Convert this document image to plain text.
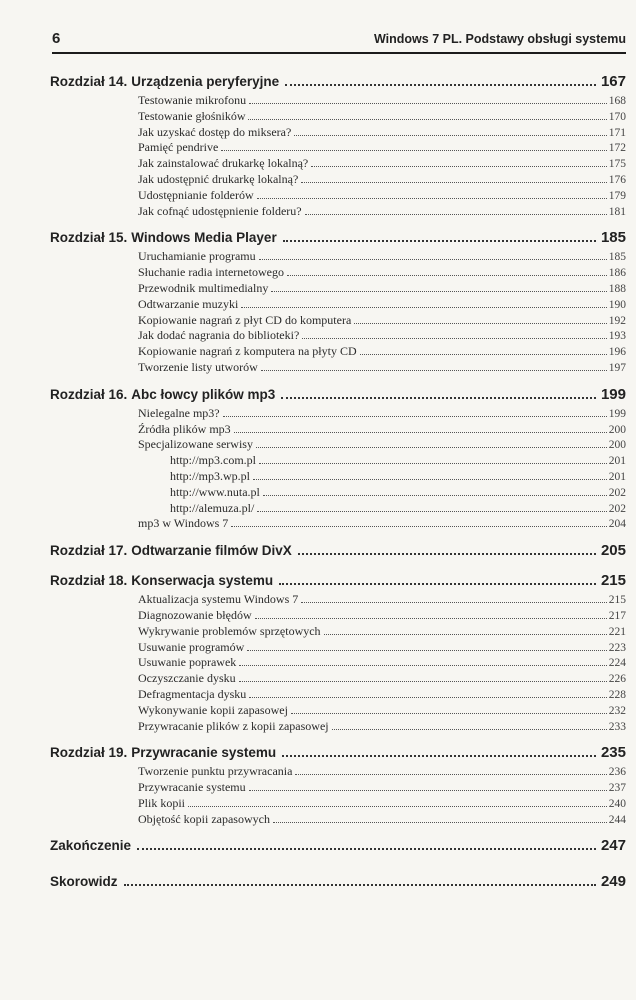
6	Windows 7 PL. Podstawy obsługi systemu
Rozdział 14. Urządzenia peryferyjne	167
Testowanie mikrofonu	168
Testowanie głośników	170
Jak uzyskać dostęp do miksera?	171
Pamięć pendrive	172
Jak zainstalować drukarkę lokalną?	175
Jak udostępnić drukarkę lokalną?	176
Udostępnianie folderów	179
Jak cofnąć udostępnienie folderu?	181
Rozdział 15. Windows Media Player	185
Uruchamianie programu	185
Słuchanie radia internetowego	186
Przewodnik multimedialny	188
Odtwarzanie muzyki	190
Kopiowanie nagrań z płyt CD do komputera	192
Jak dodać nagrania do biblioteki?	193
Kopiowanie nagrań z komputera na płyty CD	196
Tworzenie listy utworów	197
Rozdział 16. Abc łowcy plików mp3	199
Nielegalne mp3?	199
Źródła plików mp3	200
Specjalizowane serwisy	200
http://mp3.com.pl	201
http://mp3.wp.pl	201
http://www.nuta.pl	202
http://alemuza.pl/	202
mp3 w Windows 7	204
Rozdział 17. Odtwarzanie filmów DivX	205
Rozdział 18. Konserwacja systemu	215
Aktualizacja systemu Windows 7	215
Diagnozowanie błędów	217
Wykrywanie problemów sprzętowych	221
Usuwanie programów	223
Usuwanie poprawek	224
Oczyszczanie dysku	226
Defragmentacja dysku	228
Wykonywanie kopii zapasowej	232
Przywracanie plików z kopii zapasowej	233
Rozdział 19. Przywracanie systemu	235
Tworzenie punktu przywracania	236
Przywracanie systemu	237
Plik kopii	240
Objętość kopii zapasowych	244
Zakończenie	247
Skorowidz	249
